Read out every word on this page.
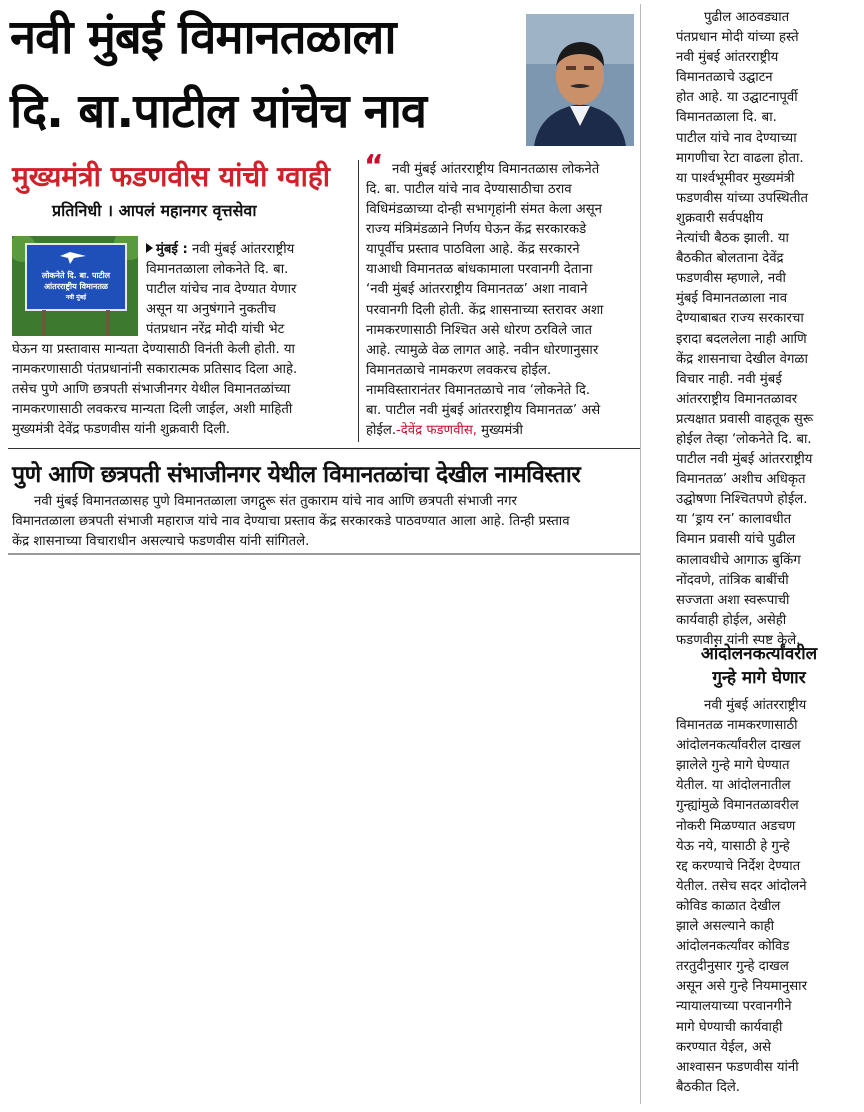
नवी मुंबई विमानतळाला
दि. बा.पाटील यांचेच नाव
मुख्यमंत्री फडणवीस यांची ग्वाही
प्रतिनिधी । आपलं महानगर वृत्तसेवा
लोकनेते दि. बा. पाटील
आंतरराष्ट्रीय विमानतळ
नवी मुंबई
मुंबई : नवी मुंबई आंतरराष्ट्रीय
विमानतळाला लोकनेते दि. बा.
पाटील यांचेच नाव देण्यात येणार
असून या अनुषंगाने नुकतीच
पंतप्रधान नरेंद्र मोदी यांची भेट
घेऊन या प्रस्तावास मान्यता देण्यासाठी विनंती केली होती. या
नामकरणासाठी पंतप्रधानांनी सकारात्मक प्रतिसाद दिला आहे.
तसेच पुणे आणि छत्रपती संभाजीनगर येथील विमानतळांच्या
नामकरणासाठी लवकरच मान्यता दिली जाईल, अशी माहिती
मुख्यमंत्री देवेंद्र फडणवीस यांनी शुक्रवारी दिली.
“ नवी मुंबई आंतरराष्ट्रीय विमानतळास लोकनेते
दि. बा. पाटील यांचे नाव देण्यासाठीचा ठराव
विधिमंडळाच्या दोन्ही सभागृहांनी संमत केला असून
राज्य मंत्रिमंडळाने निर्णय घेऊन केंद्र सरकारकडे
यापूर्वीच प्रस्ताव पाठविला आहे. केंद्र सरकारने
याआधी विमानतळ बांधकामाला परवानगी देताना
‘नवी मुंबई आंतरराष्ट्रीय विमानतळ’ अशा नावाने
परवानगी दिली होती. केंद्र शासनाच्या स्तरावर अशा
नामकरणासाठी निश्चित असे धोरण ठरविले जात
आहे. त्यामुळे वेळ लागत आहे. नवीन धोरणानुसार
विमानतळाचे नामकरण लवकरच होईल.
नामविस्तारानंतर विमानतळाचे नाव ‘लोकनेते दि.
बा. पाटील नवी मुंबई आंतरराष्ट्रीय विमानतळ’ असे
होईल.-देवेंद्र फडणवीस, मुख्यमंत्री
पुणे आणि छत्रपती संभाजीनगर येथील विमानतळांचा देखील नामविस्तार
नवी मुंबई विमानतळासह पुणे विमानतळाला जगद्गुरू संत तुकाराम यांचे नाव आणि छत्रपती संभाजी नगर
विमानतळाला छत्रपती संभाजी महाराज यांचे नाव देण्याचा प्रस्ताव केंद्र सरकारकडे पाठवण्यात आला आहे. तिन्ही प्रस्ताव
केंद्र शासनाच्या विचाराधीन असल्याचे फडणवीस यांनी सांगितले.
पुढील आठवड्यात
पंतप्रधान मोदी यांच्या हस्ते
नवी मुंबई आंतरराष्ट्रीय
विमानतळाचे उद्घाटन
होत आहे. या उद्घाटनापूर्वी
विमानतळाला दि. बा.
पाटील यांचे नाव देण्याच्या
मागणीचा रेटा वाढला होता.
या पार्श्वभूमीवर मुख्यमंत्री
फडणवीस यांच्या उपस्थितीत
शुक्रवारी सर्वपक्षीय
नेत्यांची बैठक झाली. या
बैठकीत बोलताना देवेंद्र
फडणवीस म्हणाले, नवी
मुंबई विमानतळाला नाव
देण्याबाबत राज्य सरकारचा
इरादा बदललेला नाही आणि
केंद्र शासनाचा देखील वेगळा
विचार नाही. नवी मुंबई
आंतरराष्ट्रीय विमानतळावर
प्रत्यक्षात प्रवासी वाहतूक सुरू
होईल तेव्हा ‘लोकनेते दि. बा.
पाटील नवी मुंबई आंतरराष्ट्रीय
विमानतळ’ अशीच अधिकृत
उद्घोषणा निश्चितपणे होईल.
या ‘ड्राय रन’ कालावधीत
विमान प्रवासी यांचे पुढील
कालावधीचे आगाऊ बुकिंग
नोंदवणे, तांत्रिक बाबींची
सज्जता अशा स्वरूपाची
कार्यवाही होईल, असेही
फडणवीस यांनी स्पष्ट केले.
आंदोलनकर्त्यांवरील
गुन्हे मागे घेणार
नवी मुंबई आंतरराष्ट्रीय
विमानतळ नामकरणासाठी
आंदोलनकर्त्यांवरील दाखल
झालेले गुन्हे मागे घेण्यात
येतील. या आंदोलनातील
गुन्ह्यांमुळे विमानतळावरील
नोकरी मिळण्यात अडचण
येऊ नये, यासाठी हे गुन्हे
रद्द करण्याचे निर्देश देण्यात
येतील. तसेच सदर आंदोलने
कोविड काळात देखील
झाले असल्याने काही
आंदोलनकर्त्यांवर कोविड
तरतुदीनुसार गुन्हे दाखल
असून असे गुन्हे नियमानुसार
न्यायालयाच्या परवानगीने
मागे घेण्याची कार्यवाही
करण्यात येईल, असे
आश्वासन फडणवीस यांनी
बैठकीत दिले.
